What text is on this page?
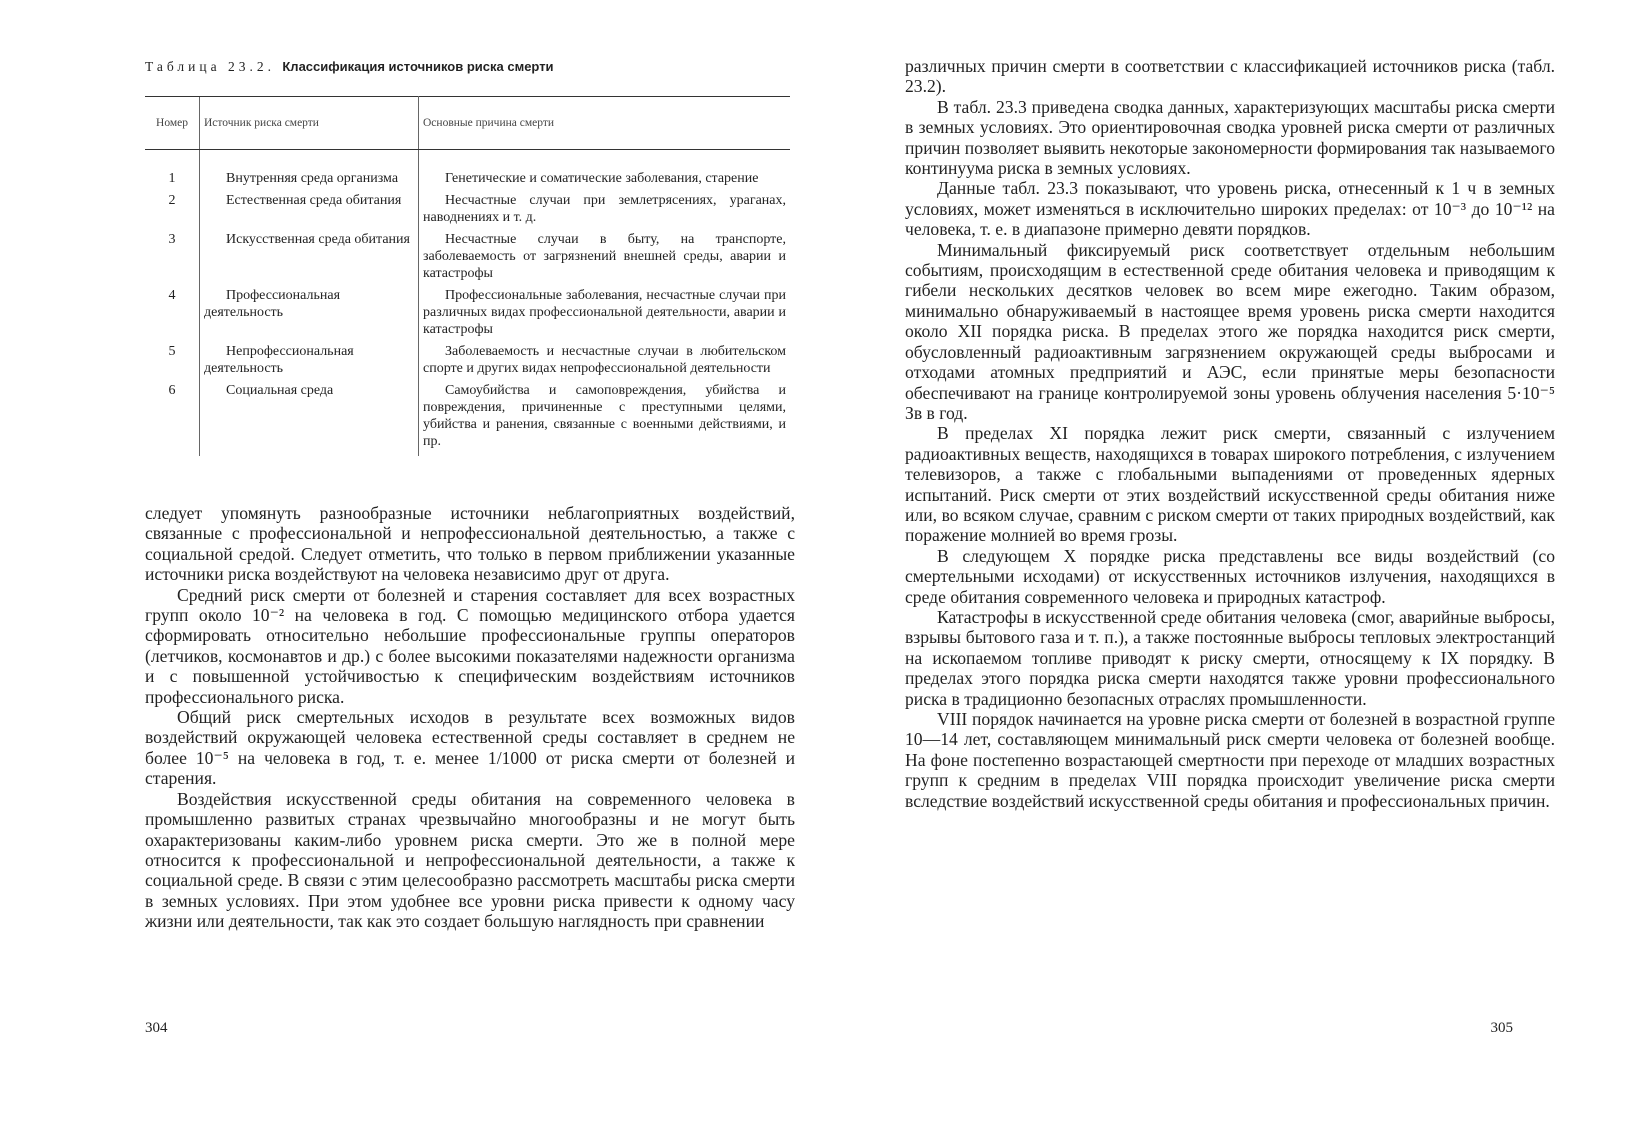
Таблица 23.2. Классификация источников риска смерти
Номер	Источник риска смерти	Основные причина смерти
1	Внутренняя среда организма	Генетические и соматические заболевания, старение
2	Естественная среда обитания	Несчастные случаи при землетрясениях, ураганах, наводнениях и т. д.
3	Искусственная среда обитания	Несчастные случаи в быту, на транспорте, заболеваемость от загрязнений внешней среды, аварии и катастрофы
4	Профессиональная деятельность	Профессиональные заболевания, несчастные случаи при различных видах профессиональной деятельности, аварии и катастрофы
5	Непрофессиональная деятельность	Заболеваемость и несчастные случаи в любительском спорте и других видах непрофессиональной деятельности
6	Социальная среда	Самоубийства и самоповреждения, убийства и повреждения, причиненные с преступными целями, убийства и ранения, связанные с военными действиями, и пр.

следует упомянуть разнообразные источники неблагоприятных воздействий, связанные с профессиональной и непрофессиональной деятельностью, а также с социальной средой. Следует отметить, что только в первом приближении указанные источники риска воздействуют на человека независимо друг от друга.

Средний риск смерти от болезней и старения составляет для всех возрастных групп около 10⁻² на человека в год. С помощью медицинского отбора удается сформировать относительно небольшие профессиональные группы операторов (летчиков, космонавтов и др.) с более высокими показателями надежности организма и с повышенной устойчивостью к специфическим воздействиям источников профессионального риска.

Общий риск смертельных исходов в результате всех возможных видов воздействий окружающей человека естественной среды составляет в среднем не более 10⁻⁵ на человека в год, т. е. менее 1/1000 от риска смерти от болезней и старения.

Воздействия искусственной среды обитания на современного человека в промышленно развитых странах чрезвычайно многообразны и не могут быть охарактеризованы каким-либо уровнем риска смерти. Это же в полной мере относится к профессиональной и непрофессиональной деятельности, а также к социальной среде. В связи с этим целесообразно рассмотреть масштабы риска смерти в земных условиях. При этом удобнее все уровни риска привести к одному часу жизни или деятельности, так как это создает большую наглядность при сравнении

304

различных причин смерти в соответствии с классификацией источников риска (табл. 23.2).

В табл. 23.3 приведена сводка данных, характеризующих масштабы риска смерти в земных условиях. Это ориентировочная сводка уровней риска смерти от различных причин позволяет выявить некоторые закономерности формирования так называемого континуума риска в земных условиях.

Данные табл. 23.3 показывают, что уровень риска, отнесенный к 1 ч в земных условиях, может изменяться в исключительно широких пределах: от 10⁻³ до 10⁻¹² на человека, т. е. в диапазоне примерно девяти порядков.

Минимальный фиксируемый риск соответствует отдельным небольшим событиям, происходящим в естественной среде обитания человека и приводящим к гибели нескольких десятков человек во всем мире ежегодно. Таким образом, минимально обнаруживаемый в настоящее время уровень риска смерти находится около XII порядка риска. В пределах этого же порядка находится риск смерти, обусловленный радиоактивным загрязнением окружающей среды выбросами и отходами атомных предприятий и АЭС, если принятые меры безопасности обеспечивают на границе контролируемой зоны уровень облучения населения 5·10⁻⁵ Зв в год.

В пределах XI порядка лежит риск смерти, связанный с излучением радиоактивных веществ, находящихся в товарах широкого потребления, с излучением телевизоров, а также с глобальными выпадениями от проведенных ядерных испытаний. Риск смерти от этих воздействий искусственной среды обитания ниже или, во всяком случае, сравним с риском смерти от таких природных воздействий, как поражение молнией во время грозы.

В следующем X порядке риска представлены все виды воздействий (со смертельными исходами) от искусственных источников излучения, находящихся в среде обитания современного человека и природных катастроф.

Катастрофы в искусственной среде обитания человека (смог, аварийные выбросы, взрывы бытового газа и т. п.), а также постоянные выбросы тепловых электростанций на ископаемом топливе приводят к риску смерти, относящему к IX порядку. В пределах этого порядка риска смерти находятся также уровни профессионального риска в традиционно безопасных отраслях промышленности.

VIII порядок начинается на уровне риска смерти от болезней в возрастной группе 10—14 лет, составляющем минимальный риск смерти человека от болезней вообще. На фоне постепенно возрастающей смертности при переходе от младших возрастных групп к средним в пределах VIII порядка происходит увеличение риска смерти вследствие воздействий искусственной среды обитания и профессиональных причин.

305
